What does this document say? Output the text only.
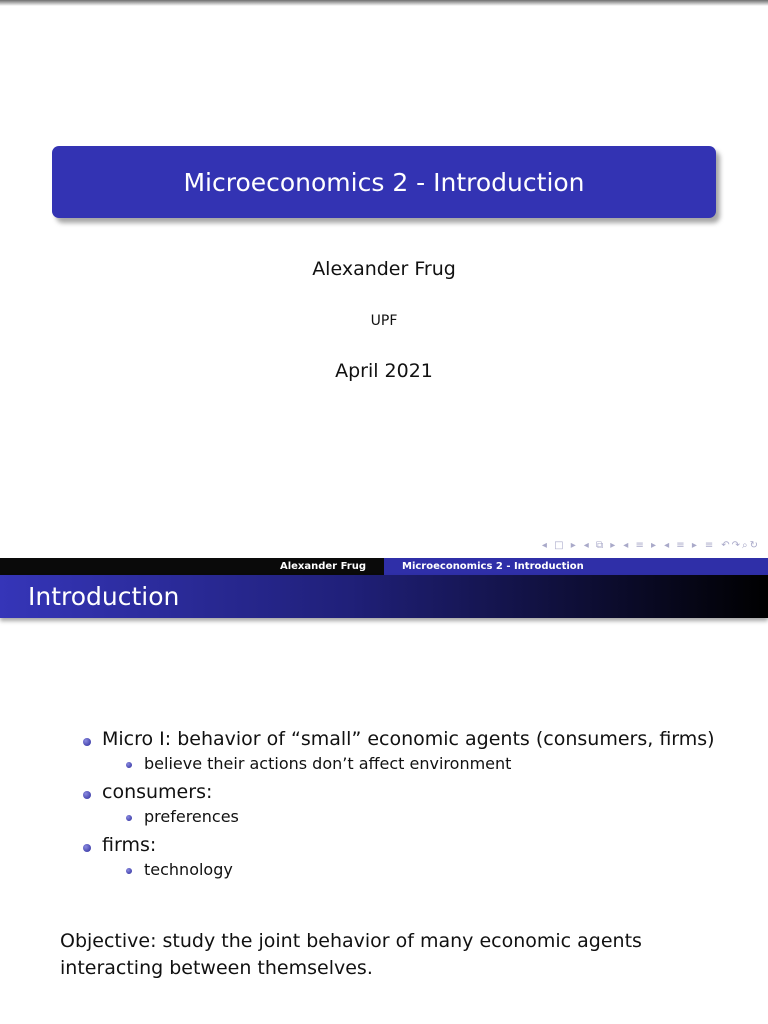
Microeconomics 2 - Introduction
Alexander Frug
UPF
April 2021
◂ □ ▸ ◂ ⧉ ▸ ◂ ≡ ▸ ◂ ≡ ▸ ≡ ↶↷⌕↻
Alexander Frug	Microeconomics 2 - Introduction
Introduction
Micro I: behavior of “small” economic agents (consumers, firms)
believe their actions don’t affect environment
consumers:
preferences
firms:
technology
Objective: study the joint behavior of many economic agents interacting between themselves.
